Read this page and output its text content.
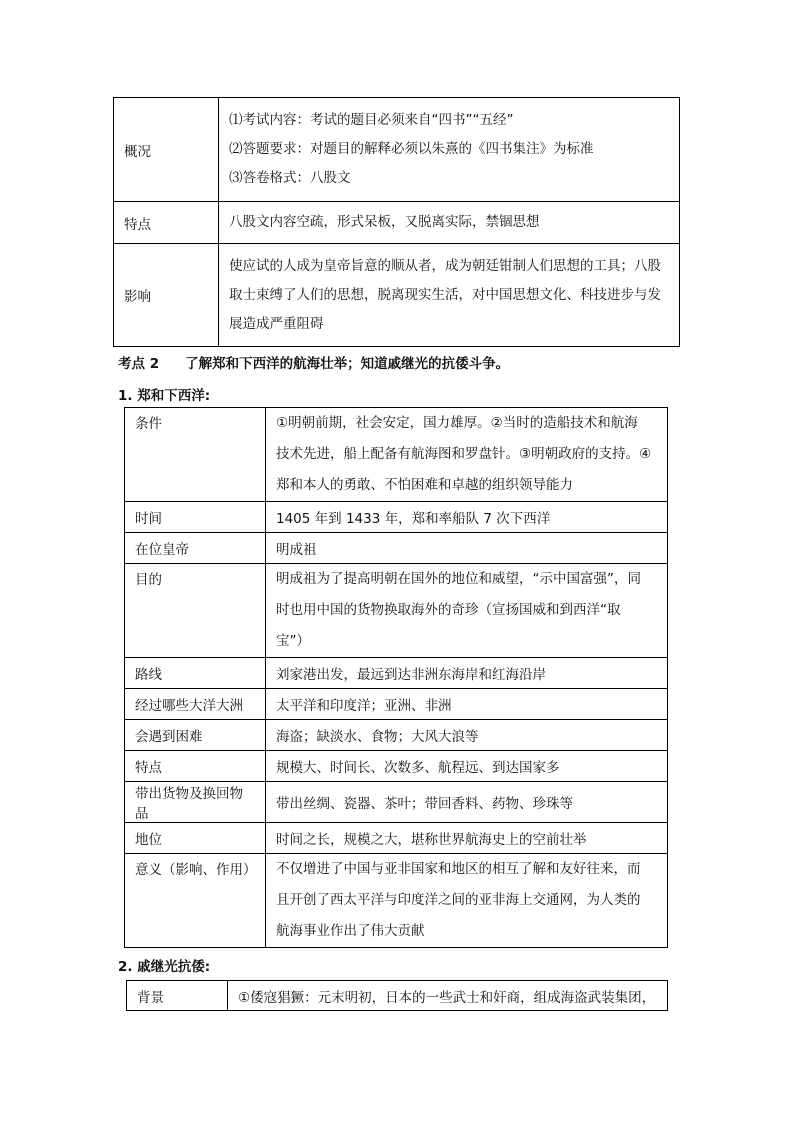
概况	⑴考试内容：考试的题目必须来自“四书”“五经”

⑵答题要求：对题目的解释必须以朱熹的《四书集注》为标准

⑶答卷格式：八股文

特点	八股文内容空疏，形式呆板，又脱离实际，禁锢思想

影响	使应试的人成为皇帝旨意的顺从者，成为朝廷钳制人们思想的工具；八股

取士束缚了人们的思想，脱离现实生活，对中国思想文化、科技进步与发

展造成严重阻碍

考点 2 了解郑和下西洋的航海壮举；知道戚继光的抗倭斗争。

1. 郑和下西洋:

条件	①明朝前期，社会安定，国力雄厚。②当时的造船技术和航海

技术先进，船上配备有航海图和罗盘针。③明朝政府的支持。④

郑和本人的勇敢、不怕困难和卓越的组织领导能力

时间	1405 年到 1433 年，郑和率船队 7 次下西洋
在位皇帝	明成祖
目的	明成祖为了提高明朝在国外的地位和威望，“示中国富强”，同

时也用中国的货物换取海外的奇珍（宣扬国威和到西洋“取

宝”）

路线	刘家港出发，最远到达非洲东海岸和红海沿岸
经过哪些大洋大洲	太平洋和印度洋；亚洲、非洲
会遇到困难	海盗；缺淡水、食物；大风大浪等
特点	规模大、时间长、次数多、航程远、到达国家多
带出货物及换回物品	带出丝绸、瓷器、茶叶；带回香料、药物、珍珠等
地位	时间之长，规模之大，堪称世界航海史上的空前壮举
意义（影响、作用）	不仅增进了中国与亚非国家和地区的相互了解和友好往来，而

且开创了西太平洋与印度洋之间的亚非海上交通网，为人类的

航海事业作出了伟大贡献

2. 戚继光抗倭:

背景	①倭寇猖獗：元末明初，日本的一些武士和奸商，组成海盗武装集团，
